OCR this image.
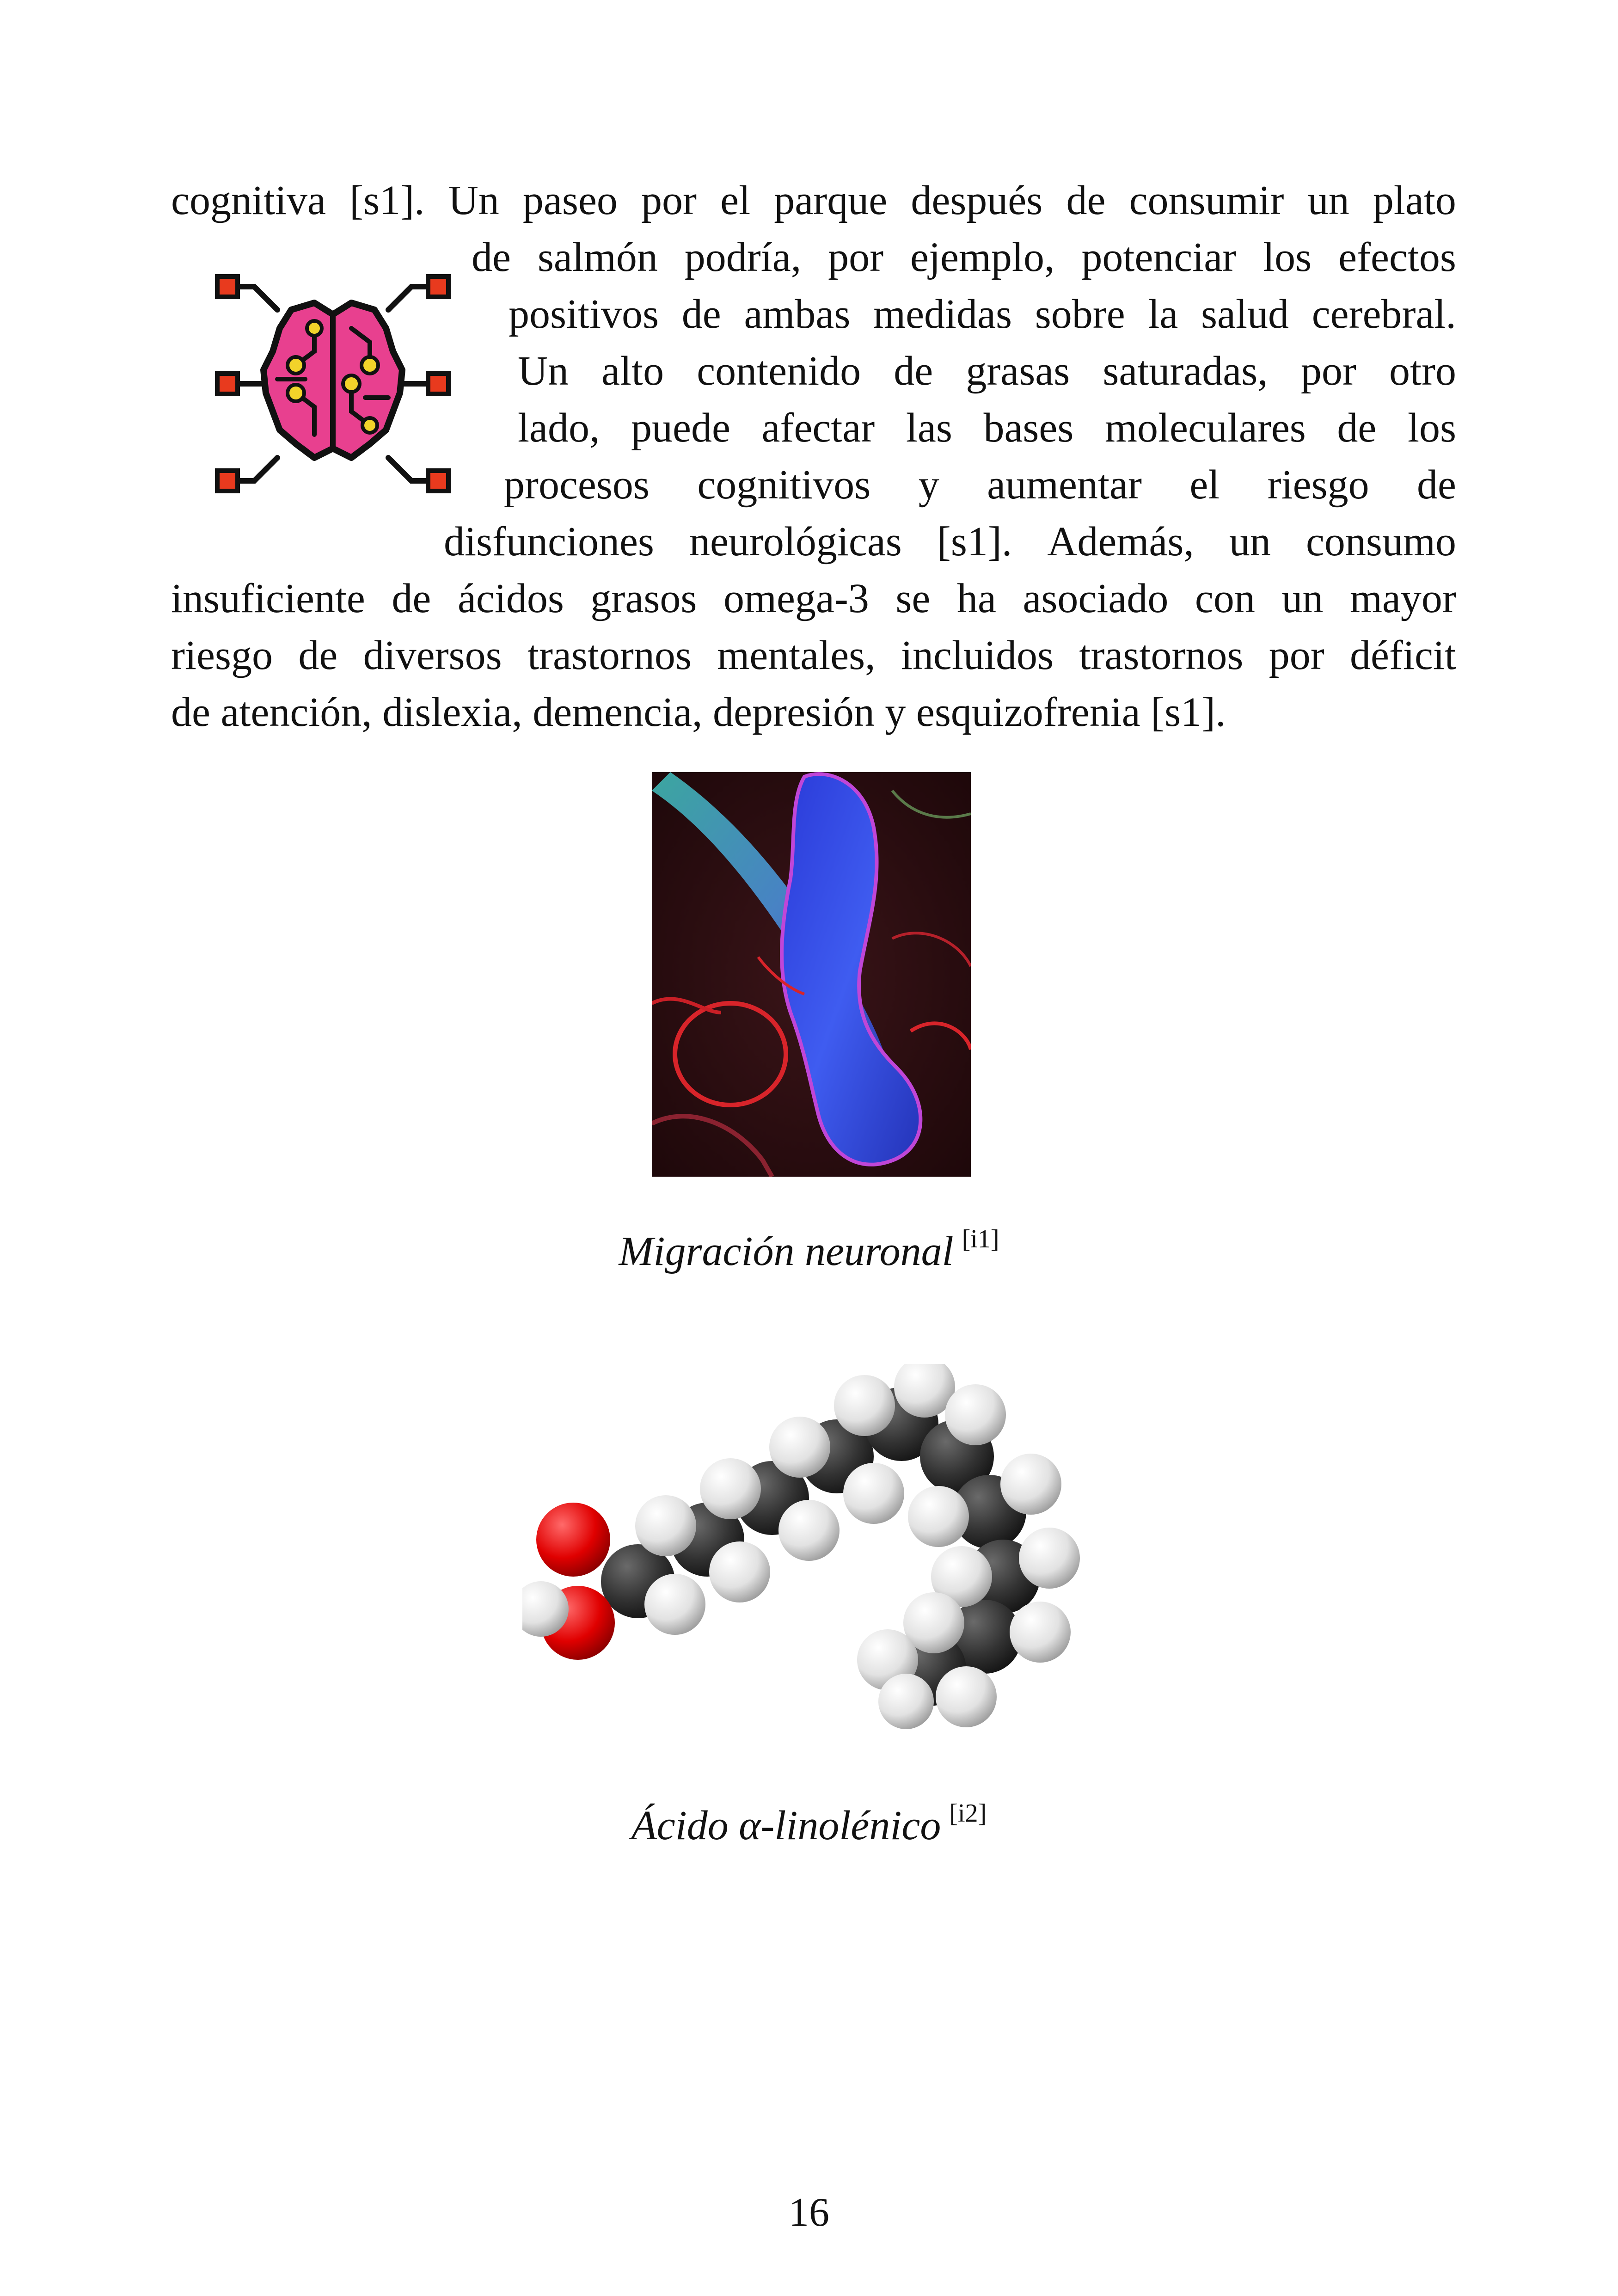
cognitiva [s1]. Un paseo por el parque después de consumir un plato
de salmón podría, por ejemplo, potenciar los efectos
positivos de ambas medidas sobre la salud cerebral.
Un alto contenido de grasas saturadas, por otro
lado, puede afectar las bases moleculares de los
procesos cognitivos y aumentar el riesgo de
disfunciones neurológicas [s1]. Además, un consumo
insuficiente de ácidos grasos omega-3 se ha asociado con un mayor
riesgo de diversos trastornos mentales, incluidos trastornos por déficit
de atención, dislexia, demencia, depresión y esquizofrenia [s1].
Migración neuronal [i1]
Ácido α-linolénico [i2]
16
